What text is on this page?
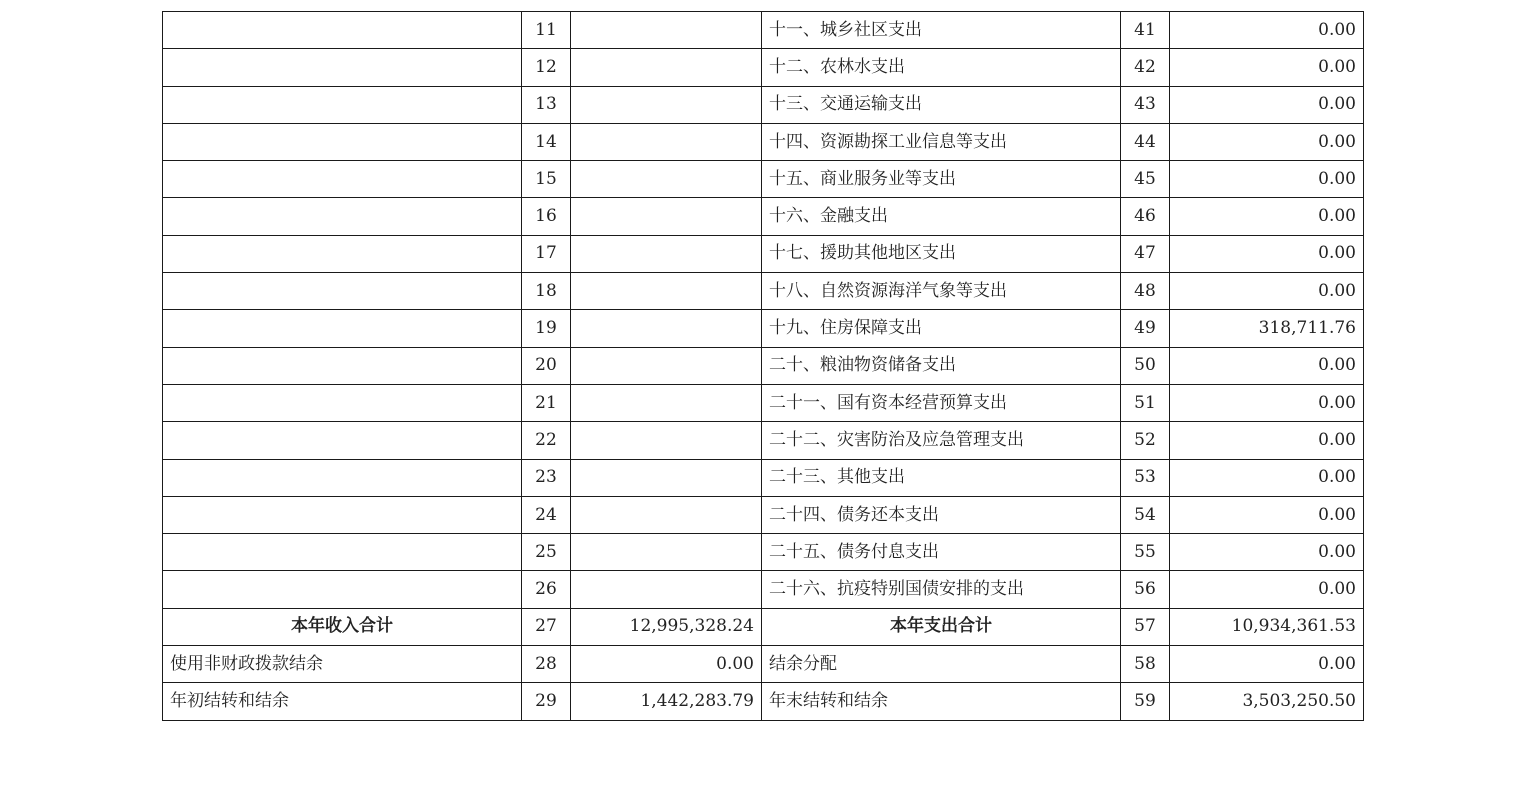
	11		十一、城乡社区支出	41	0.00
	12		十二、农林水支出	42	0.00
	13		十三、交通运输支出	43	0.00
	14		十四、资源勘探工业信息等支出	44	0.00
	15		十五、商业服务业等支出	45	0.00
	16		十六、金融支出	46	0.00
	17		十七、援助其他地区支出	47	0.00
	18		十八、自然资源海洋气象等支出	48	0.00
	19		十九、住房保障支出	49	318,711.76
	20		二十、粮油物资储备支出	50	0.00
	21		二十一、国有资本经营预算支出	51	0.00
	22		二十二、灾害防治及应急管理支出	52	0.00
	23		二十三、其他支出	53	0.00
	24		二十四、债务还本支出	54	0.00
	25		二十五、债务付息支出	55	0.00
	26		二十六、抗疫特别国债安排的支出	56	0.00
本年收入合计	27	12,995,328.24	本年支出合计	57	10,934,361.53
使用非财政拨款结余	28	0.00	结余分配	58	0.00
年初结转和结余	29	1,442,283.79	年末结转和结余	59	3,503,250.50
